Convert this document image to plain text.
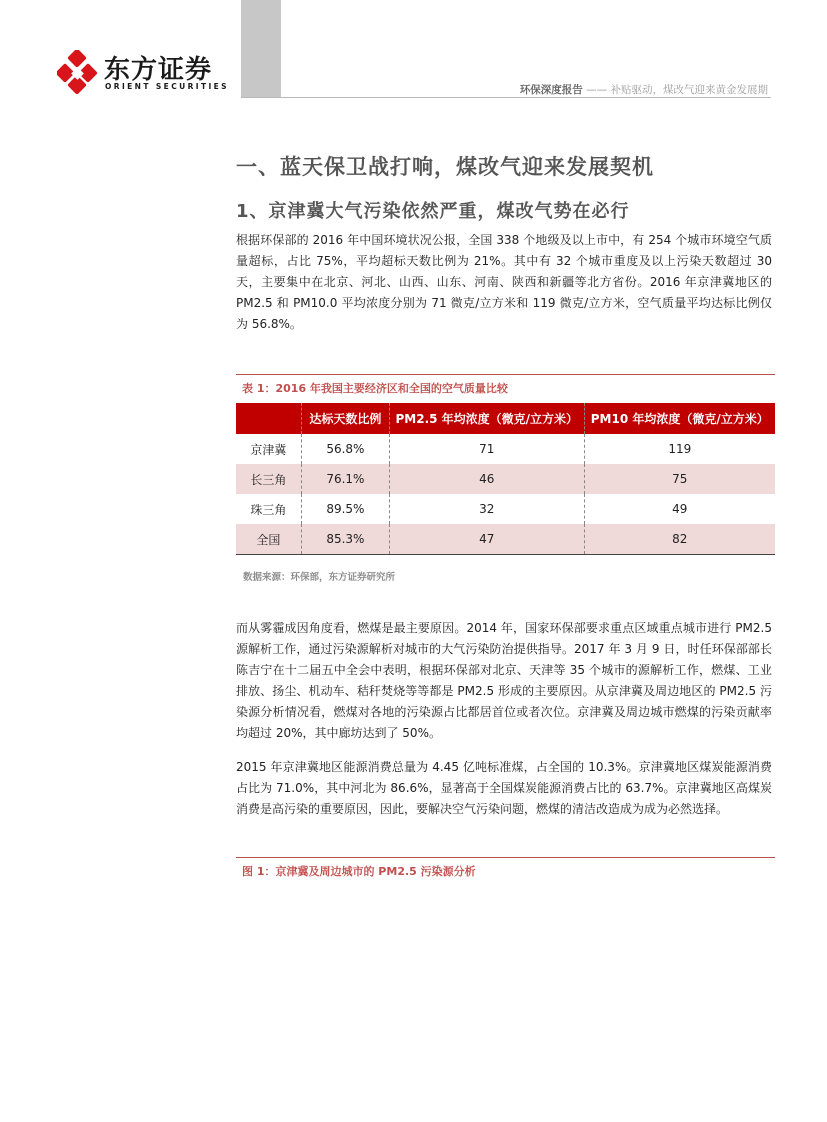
东方证券
ORIENT SECURITIES	环保深度报告 —— 补贴驱动，煤改气迎来黄金发展期
一、蓝天保卫战打响，煤改气迎来发展契机
1、京津冀大气污染依然严重，煤改气势在必行
根据环保部的 2016 年中国环境状况公报，全国 338 个地级及以上市中，有 254 个城市环境空气质量超标，占比 75%，平均超标天数比例为 21%。其中有 32 个城市重度及以上污染天数超过 30 天，主要集中在北京、河北、山西、山东、河南、陕西和新疆等北方省份。2016 年京津冀地区的 PM2.5 和 PM10.0 平均浓度分别为 71 微克/立方米和 119 微克/立方米，空气质量平均达标比例仅为 56.8%。
表 1：2016 年我国主要经济区和全国的空气质量比较
	达标天数比例	PM2.5 年均浓度（微克/立方米）	PM10 年均浓度（微克/立方米）
京津冀	56.8%	71	119
长三角	76.1%	46	75
珠三角	89.5%	32	49
全国	85.3%	47	82
数据来源：环保部，东方证券研究所
而从雾霾成因角度看，燃煤是最主要原因。2014 年，国家环保部要求重点区域重点城市进行 PM2.5 源解析工作，通过污染源解析对城市的大气污染防治提供指导。2017 年 3 月 9 日，时任环保部部长陈吉宁在十二届五中全会中表明，根据环保部对北京、天津等 35 个城市的源解析工作，燃煤、工业排放、扬尘、机动车、秸秆焚烧等等都是 PM2.5 形成的主要原因。从京津冀及周边地区的 PM2.5 污染源分析情况看，燃煤对各地的污染源占比都居首位或者次位。京津冀及周边城市燃煤的污染贡献率均超过 20%，其中廊坊达到了 50%。
2015 年京津冀地区能源消费总量为 4.45 亿吨标准煤，占全国的 10.3%。京津冀地区煤炭能源消费占比为 71.0%，其中河北为 86.6%，显著高于全国煤炭能源消费占比的 63.7%。京津冀地区高煤炭消费是高污染的重要原因，因此，要解决空气污染问题，燃煤的清洁改造成为成为必然选择。
图 1：京津冀及周边城市的 PM2.5 污染源分析
